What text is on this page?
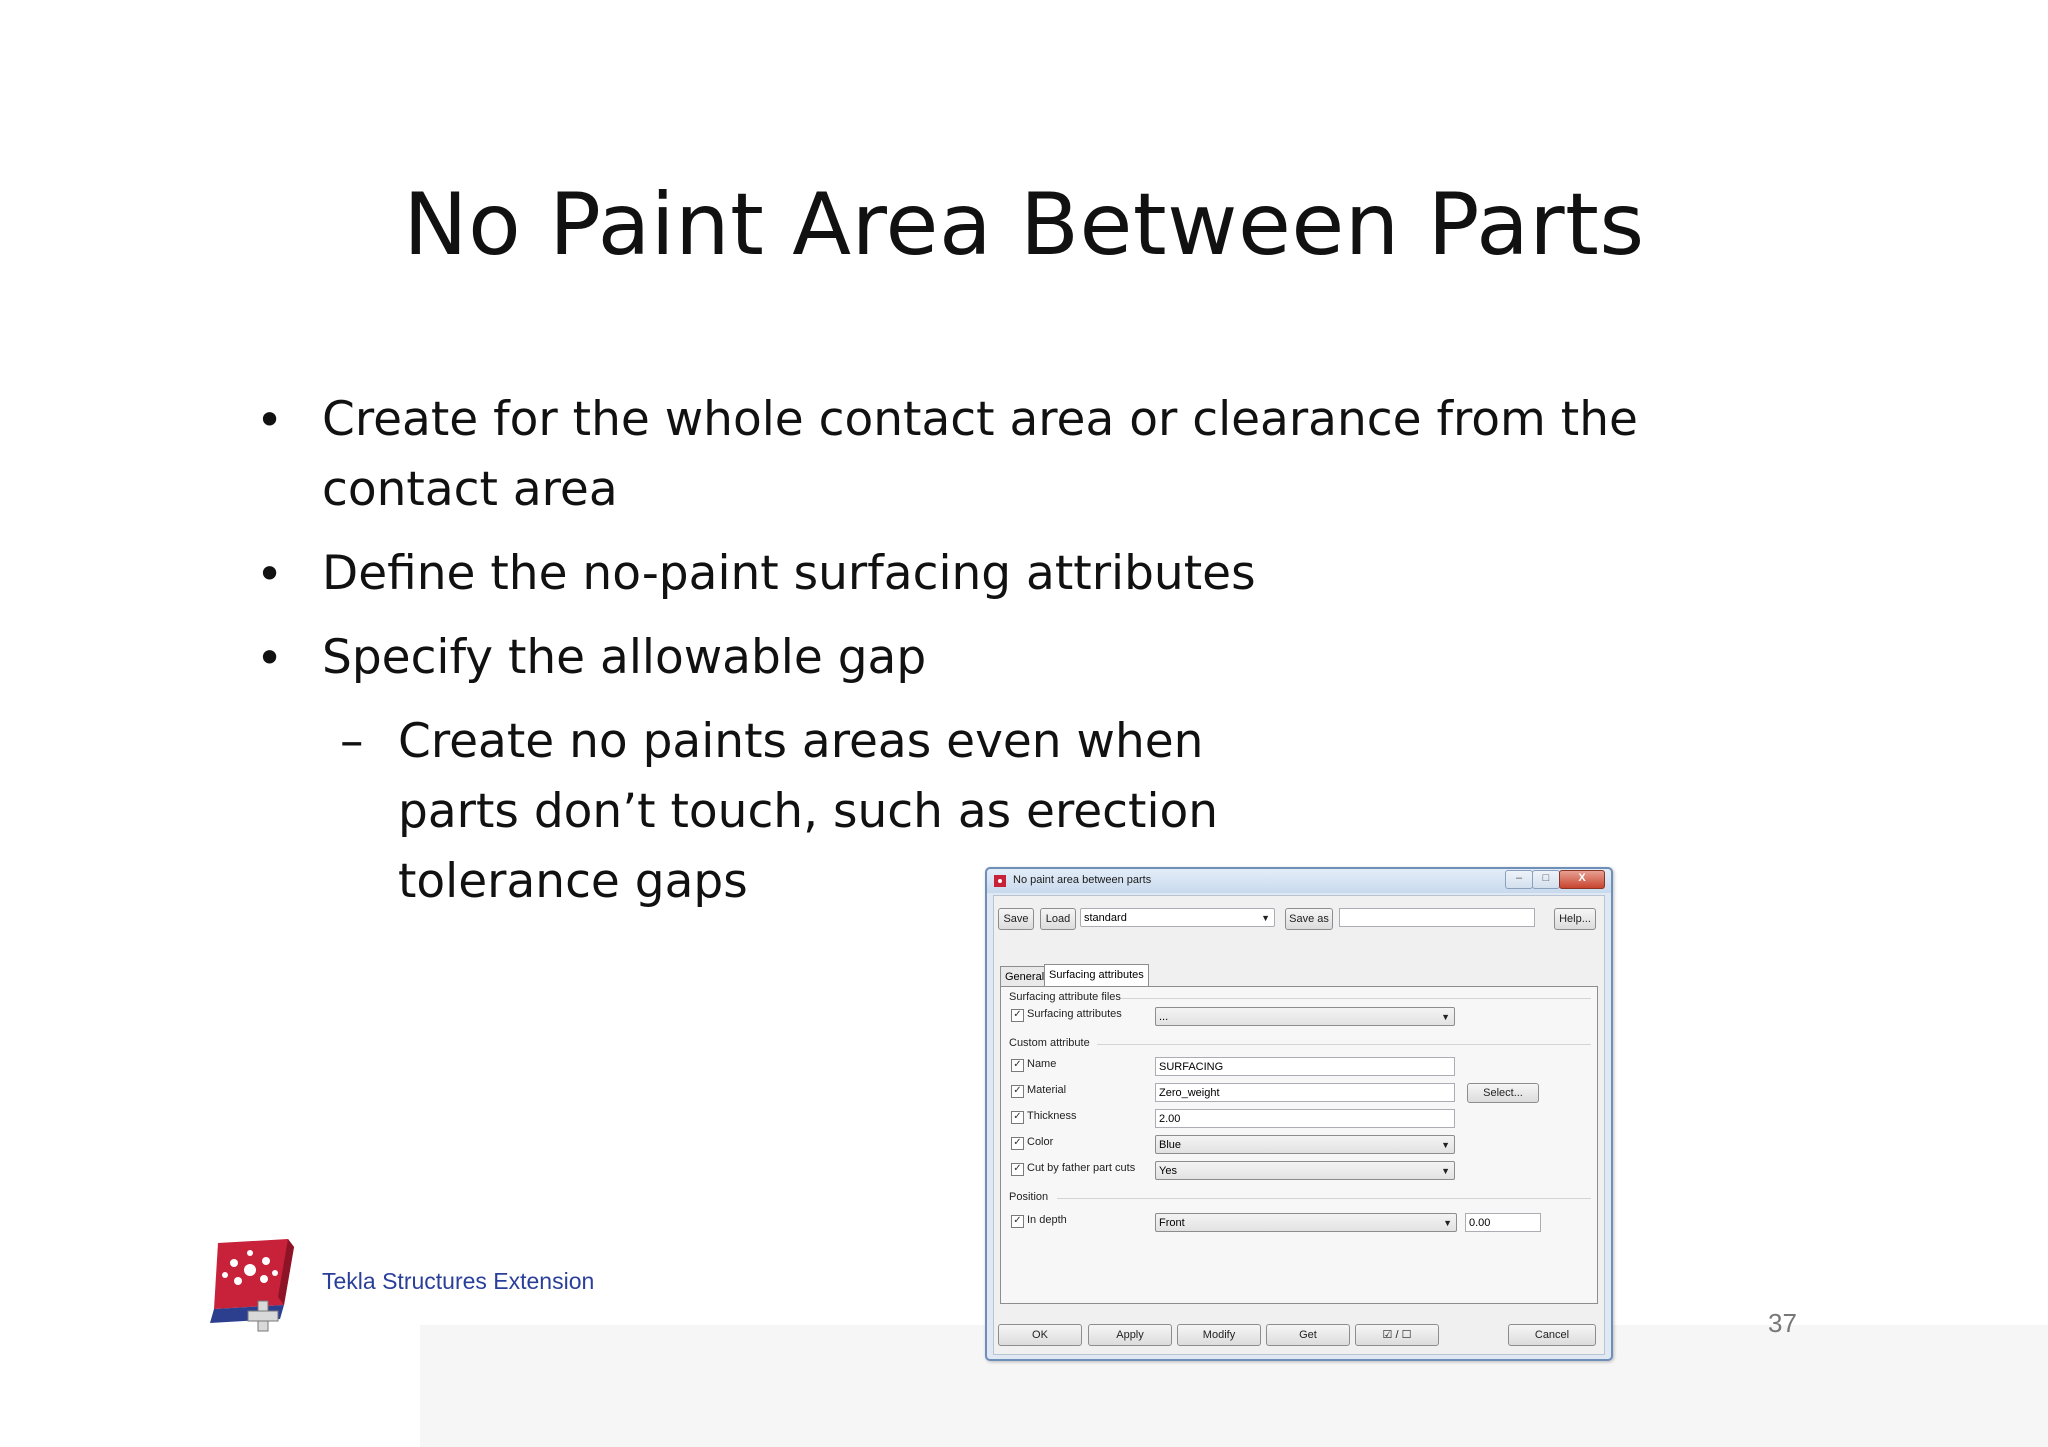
No Paint Area Between Parts
• Create for the whole contact area or clearance from the
contact area
• Define the no-paint surfacing attributes
• Specify the allowable gap
– Create no paints areas even when
parts don’t touch, such as erection
tolerance gaps
Tekla Structures Extension
37
No paint area between parts	–	□	X
Save	Load	standard	▼	Save as	Help...
General Surfacing attributes
Surfacing attribute files
✓ Surfacing attributes	...	▼
Custom attribute
✓ Name	SURFACING
✓ Material	Zero_weight	Select...
✓ Thickness	2.00
✓ Color	Blue	▼
✓ Cut by father part cuts	Yes	▼
Position
✓ In depth	Front	▼	0.00
OK	Apply	Modify	Get	☑ / ☐	Cancel
